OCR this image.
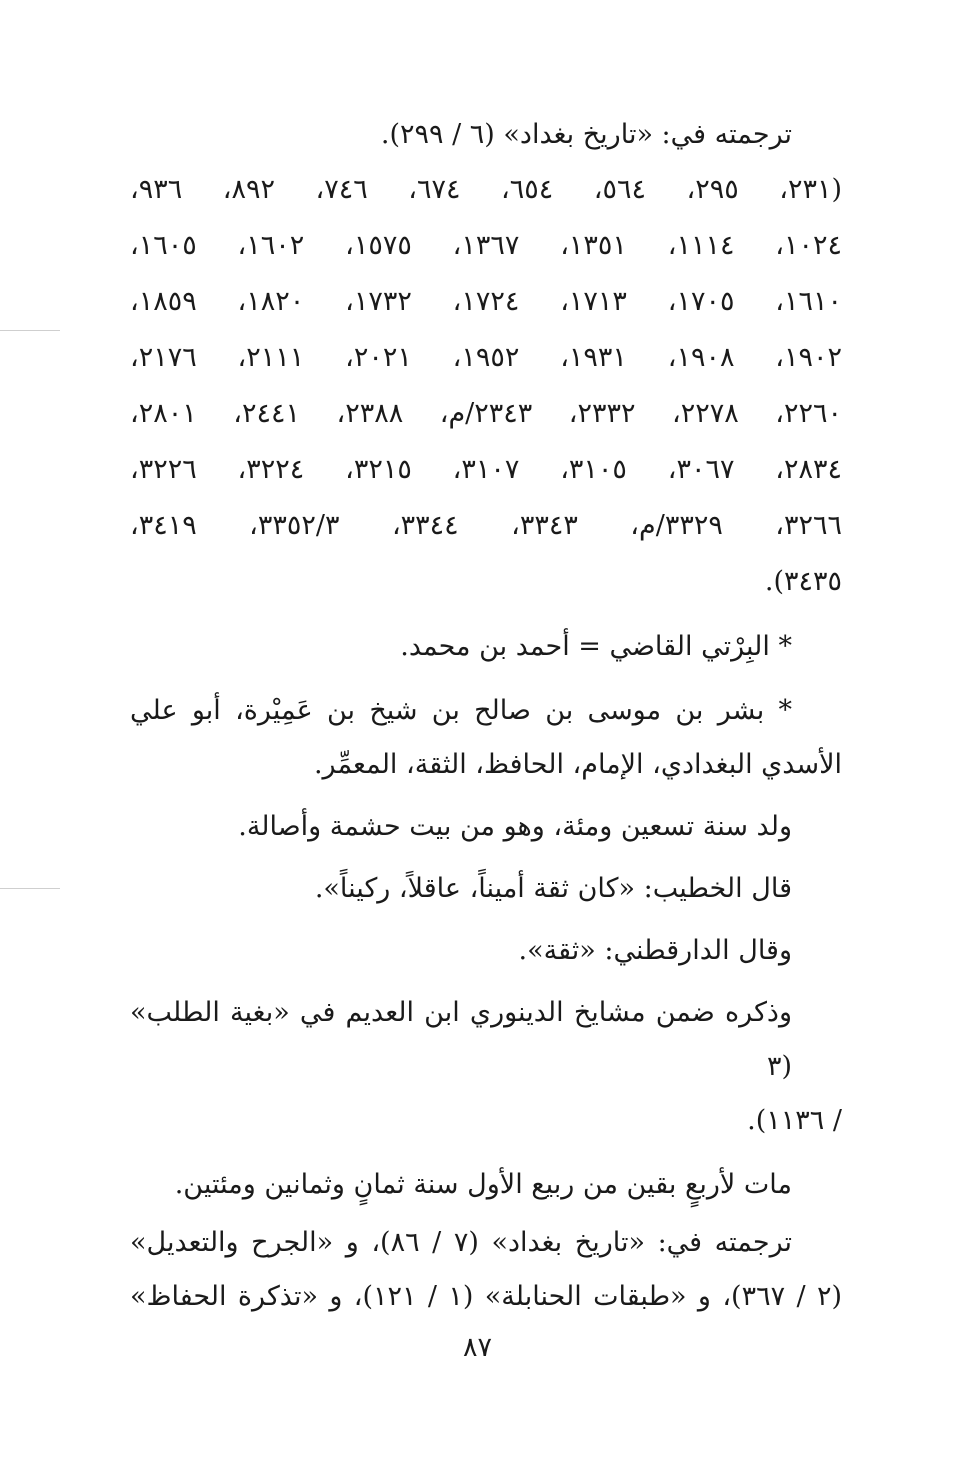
ترجمته في: «تاريخ بغداد» (٦ / ٢٩٩).
(٢٣١، ٢٩٥، ٥٦٤، ٦٥٤، ٦٧٤، ٧٤٦، ٨٩٢، ٩٣٦،
١٠٢٤، ١١١٤، ١٣٥١، ١٣٦٧، ١٥٧٥، ١٦٠٢، ١٦٠٥،
١٦١٠، ١٧٠٥، ١٧١٣، ١٧٢٤، ١٧٣٢، ١٨٢٠، ١٨٥٩،
١٩٠٢، ١٩٠٨، ١٩٣١، ١٩٥٢، ٢٠٢١، ٢١١١، ٢١٧٦،
٢٢٦٠، ٢٢٧٨، ٢٣٣٢، ٢٣٤٣/م، ٢٣٨٨، ٢٤٤١، ٢٨٠١،
٢٨٣٤، ٣٠٦٧، ٣١٠٥، ٣١٠٧، ٣٢١٥، ٣٢٢٤، ٣٢٢٦،
٣٢٦٦، ٣٣٢٩/م، ٣٣٤٣، ٣٣٤٤، ٣٣٥٢/٣، ٣٤١٩،
٣٤٣٥).
* البِرْتي القاضي = أحمد بن محمد.
* بشر بن موسى بن صالح بن شيخ بن عَمِيْرة، أبو علي
الأسدي البغدادي، الإمام، الحافظ، الثقة، المعمِّر.
ولد سنة تسعين ومئة، وهو من بيت حشمة وأصالة.
قال الخطيب: «كان ثقة أميناً، عاقلاً، ركيناً».
وقال الدارقطني: «ثقة».
وذكره ضمن مشايخ الدينوري ابن العديم في «بغية الطلب» (٣
/ ١١٣٦).
مات لأربعٍ بقين من ربيع الأول سنة ثمانٍ وثمانين ومئتين.
ترجمته في: «تاريخ بغداد» (٧ / ٨٦)، و «الجرح والتعديل»
(٢ / ٣٦٧)، و «طبقات الحنابلة» (١ / ١٢١)، و «تذكرة الحفاظ»
٨٧
